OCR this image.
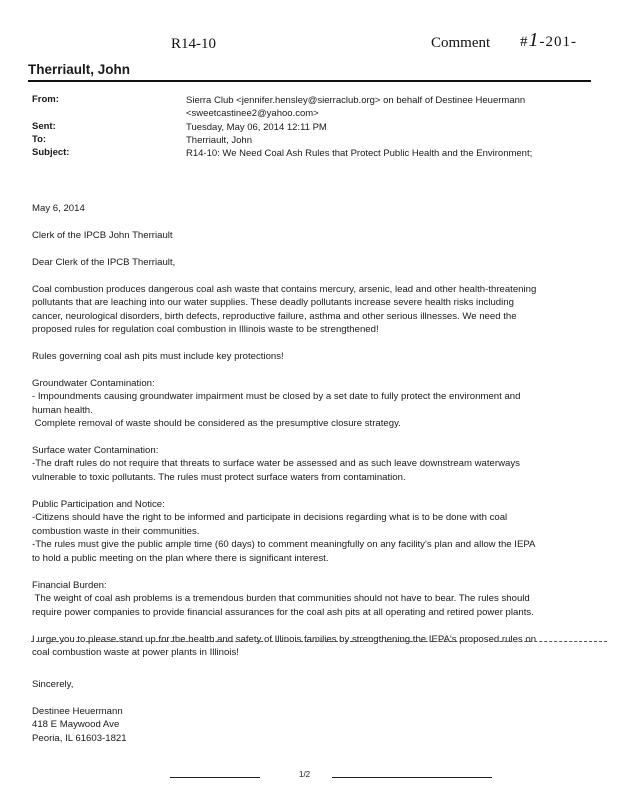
R14-10	Comment #1-201-
Therriault, John
From:	Sierra Club <jennifer.hensley@sierraclub.org> on behalf of Destinee Heuermann
<sweetcastinee2@yahoo.com>
Sent:	Tuesday, May 06, 2014 12:11 PM
To:	Therriault, John
Subject:	R14-10: We Need Coal Ash Rules that Protect Public Health and the Environment;
May 6, 2014
Clerk of the IPCB John Therriault
Dear Clerk of the IPCB Therriault,
Coal combustion produces dangerous coal ash waste that contains mercury, arsenic, lead and other health-threatening
pollutants that are leaching into our water supplies. These deadly pollutants increase severe health risks including
cancer, neurological disorders, birth defects, reproductive failure, asthma and other serious illnesses. We need the
proposed rules for regulation coal combustion in Illinois waste to be strengthened!
Rules governing coal ash pits must include key protections!
Groundwater Contamination:
- Impoundments causing groundwater impairment must be closed by a set date to fully protect the environment and
human health.
Complete removal of waste should be considered as the presumptive closure strategy.
Surface water Contamination:
-The draft rules do not require that threats to surface water be assessed and as such leave downstream waterways
vulnerable to toxic pollutants. The rules must protect surface waters from contamination.
Public Participation and Notice:
-Citizens should have the right to be informed and participate in decisions regarding what is to be done with coal
combustion waste in their communities.
-The rules must give the public ample time (60 days) to comment meaningfully on any facility's plan and allow the IEPA
to hold a public meeting on the plan where there is significant interest.
Financial Burden:
The weight of coal ash problems is a tremendous burden that communities should not have to bear. The rules should
require power companies to provide financial assurances for the coal ash pits at all operating and retired power plants.
I urge you to please stand up for the health and safety of Illinois families by strengthening the IEPA's proposed rules on
coal combustion waste at power plants in Illinois!
Sincerely,
Destinee Heuermann
418 E Maywood Ave
Peoria, IL 61603-1821
1/2
